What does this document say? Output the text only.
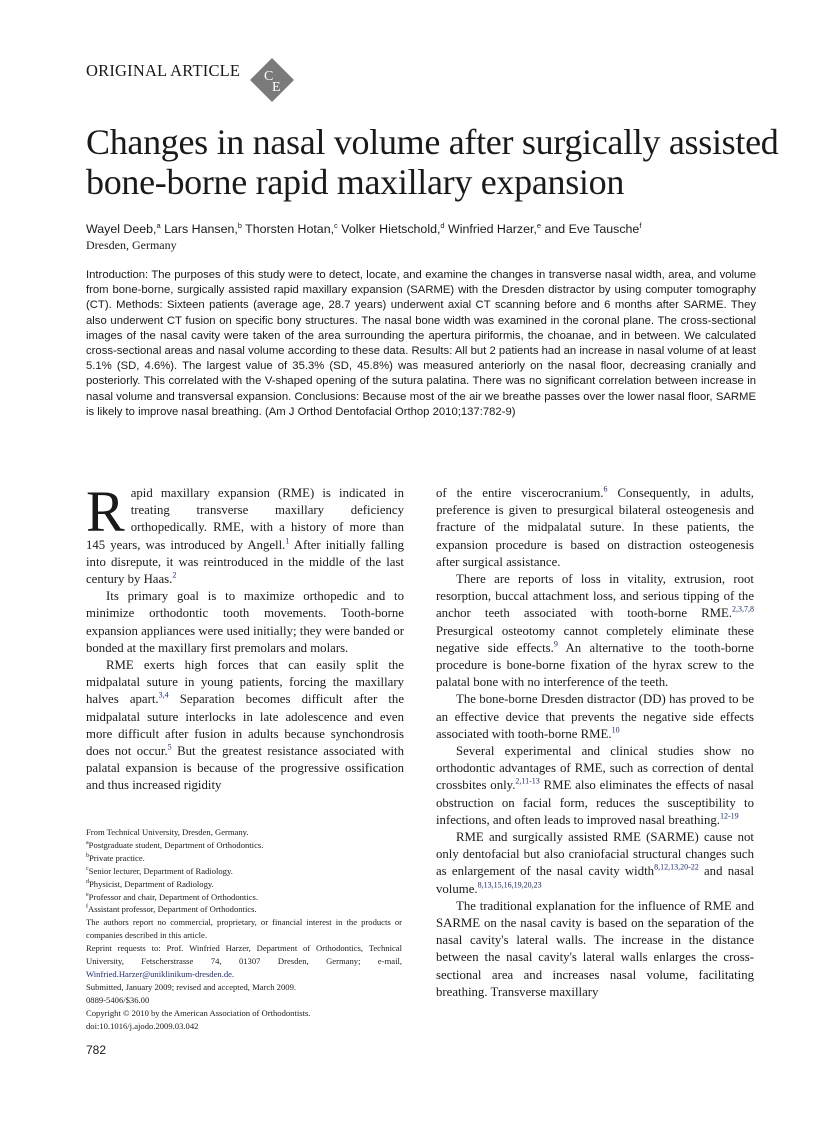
ORIGINAL ARTICLE C
E
Changes in nasal volume after surgically assisted bone-borne rapid maxillary expansion
Wayel Deeb,$^a$ Lars Hansen,$^b$ Thorsten Hotan,$^c$ Volker Hietschold,$^d$ Winfried Harzer,$^e$ and Eve Tausche$^f$
Dresden, Germany
Introduction: The purposes of this study were to detect, locate, and examine the changes in transverse nasal width, area, and volume from bone-borne, surgically assisted rapid maxillary expansion (SARME) with the Dresden distractor by using computer tomography (CT). Methods: Sixteen patients (average age, 28.7 years) underwent axial CT scanning before and 6 months after SARME. They also underwent CT fusion on specific bony structures. The nasal bone width was examined in the coronal plane. The cross-sectional images of the nasal cavity were taken of the area surrounding the apertura piriformis, the choanae, and in between. We calculated cross-sectional areas and nasal volume according to these data. Results: All but 2 patients had an increase in nasal volume of at least 5.1% (SD, 4.6%). The largest value of 35.3% (SD, 45.8%) was measured anteriorly on the nasal floor, decreasing cranially and posteriorly. This correlated with the V-shaped opening of the sutura palatina. There was no significant correlation between increase in nasal volume and transversal expansion. Conclusions: Because most of the air we breathe passes over the lower nasal floor, SARME is likely to improve nasal breathing. (Am J Orthod Dentofacial Orthop 2010;137:782-9)

Rapid maxillary expansion (RME) is indicated in treating transverse maxillary deficiency orthopedically. RME, with a history of more than 145 years, was introduced by Angell.$^1$ After initially falling into disrepute, it was reintroduced in the middle of the last century by Haas.$^2$

Its primary goal is to maximize orthopedic and to minimize orthodontic tooth movements. Tooth-borne expansion appliances were used initially; they were banded or bonded at the maxillary first premolars and molars.

RME exerts high forces that can easily split the midpalatal suture in young patients, forcing the maxillary halves apart.$^{3,4}$ Separation becomes difficult after the midpalatal suture interlocks in late adolescence and even more difficult after fusion in adults because synchondrosis does not occur.$^5$ But the greatest resistance associated with palatal expansion is because of the progressive ossification and thus increased rigidity

From Technical University, Dresden, Germany.
$^a$Postgraduate student, Department of Orthodontics.
$^b$Private practice.
$^c$Senior lecturer, Department of Radiology.
$^d$Physicist, Department of Radiology.
$^e$Professor and chair, Department of Orthodontics.
$^f$Assistant professor, Department of Orthodontics.
The authors report no commercial, proprietary, or financial interest in the products or companies described in this article.
Reprint requests to: Prof. Winfried Harzer, Department of Orthodontics, Technical University, Fetscherstrasse 74, 01307 Dresden, Germany; e-mail, Winfried.Harzer@uniklinikum-dresden.de.
Submitted, January 2009; revised and accepted, March 2009.
0889-5406/$36.00
Copyright © 2010 by the American Association of Orthodontists.
doi:10.1016/j.ajodo.2009.03.042

of the entire viscerocranium.$^6$ Consequently, in adults, preference is given to presurgical bilateral osteogenesis and fracture of the midpalatal suture. In these patients, the expansion procedure is based on distraction osteogenesis after surgical assistance.

There are reports of loss in vitality, extrusion, root resorption, buccal attachment loss, and serious tipping of the anchor teeth associated with tooth-borne RME.$^{2,3,7,8}$ Presurgical osteotomy cannot completely eliminate these negative side effects.$^9$ An alternative to the tooth-borne procedure is bone-borne fixation of the hyrax screw to the palatal bone with no interference of the teeth.

The bone-borne Dresden distractor (DD) has proved to be an effective device that prevents the negative side effects associated with tooth-borne RME.$^{10}$

Several experimental and clinical studies show no orthodontic advantages of RME, such as correction of dental crossbites only.$^{2,11-13}$ RME also eliminates the effects of nasal obstruction on facial form, reduces the susceptibility to infections, and often leads to improved nasal breathing.$^{12-19}$

RME and surgically assisted RME (SARME) cause not only dentofacial but also craniofacial structural changes such as enlargement of the nasal cavity width$^{8,12,13,20-22}$ and nasal volume.$^{8,13,15,16,19,20,23}$

The traditional explanation for the influence of RME and SARME on the nasal cavity is based on the separation of the nasal cavity's lateral walls. The increase in the distance between the nasal cavity's lateral walls enlarges the cross-sectional area and increases nasal volume, facilitating breathing. Transverse maxillary

782
